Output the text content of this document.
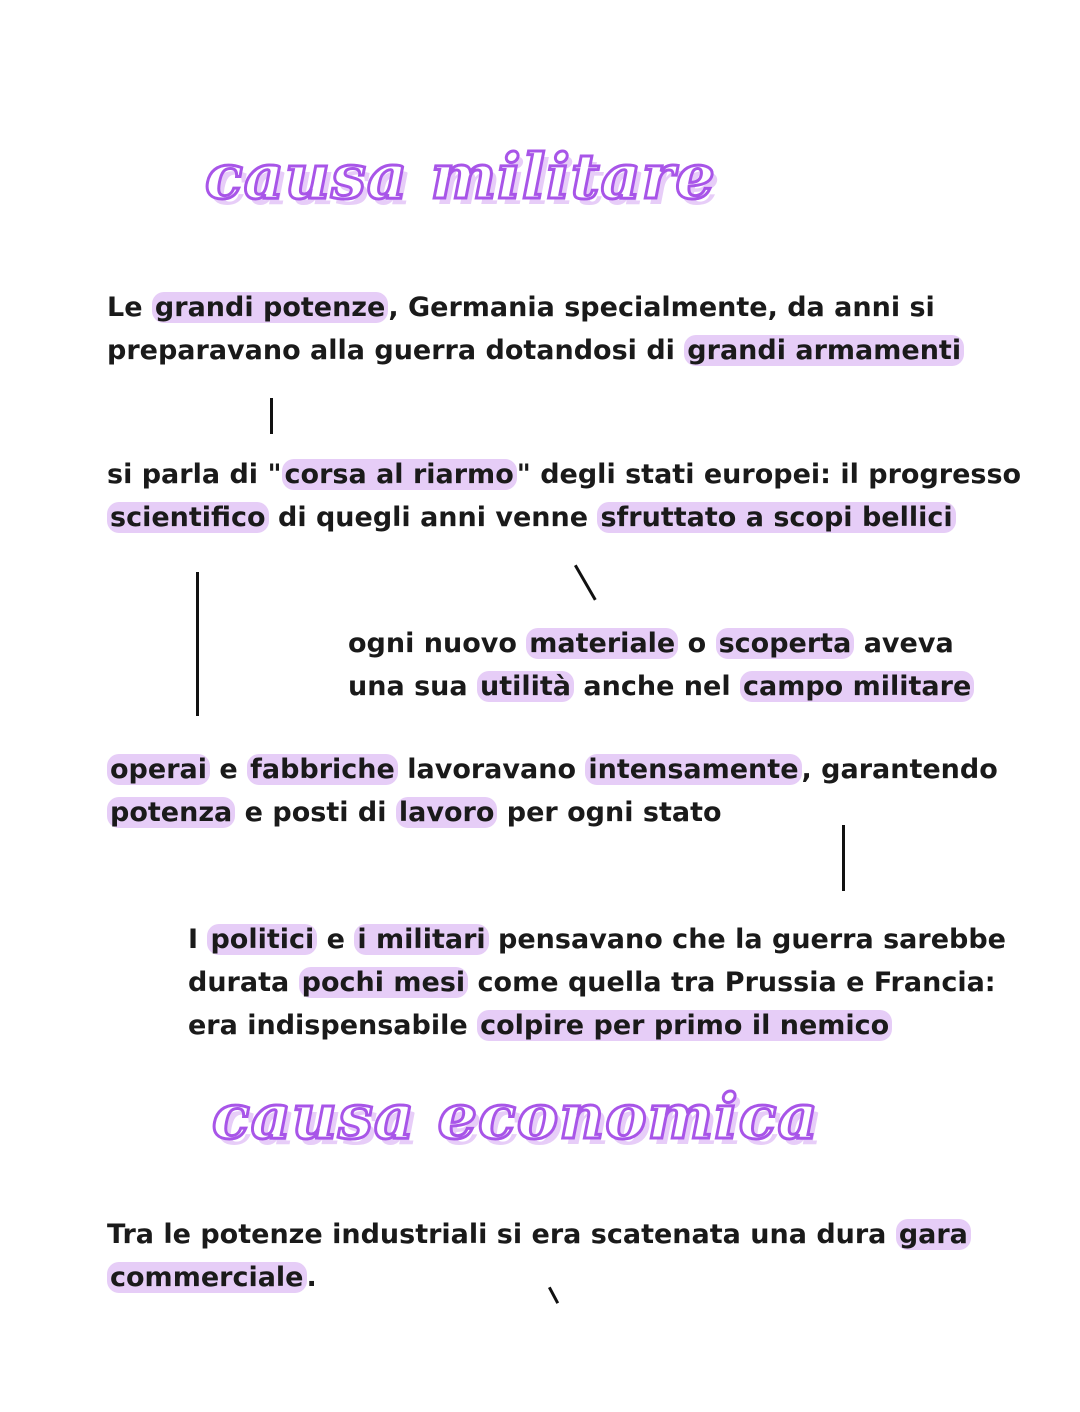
causa militare
Le grandi potenze , Germania specialmente, da anni si
preparavano alla guerra dotandosi di grandi armamenti
si parla di " corsa al riarmo " degli stati europei: il progresso
scientifico di quegli anni venne sfruttato a scopi bellici
ogni nuovo materiale o scoperta aveva
una sua utilità anche nel campo militare
operai e fabbriche lavoravano intensamente , garantendo
potenza e posti di lavoro per ogni stato
I politici e i militari pensavano che la guerra sarebbe
durata pochi mesi come quella tra Prussia e Francia:
era indispensabile colpire per primo il nemico
causa economica
Tra le potenze industriali si era scatenata una dura gara
commerciale .
